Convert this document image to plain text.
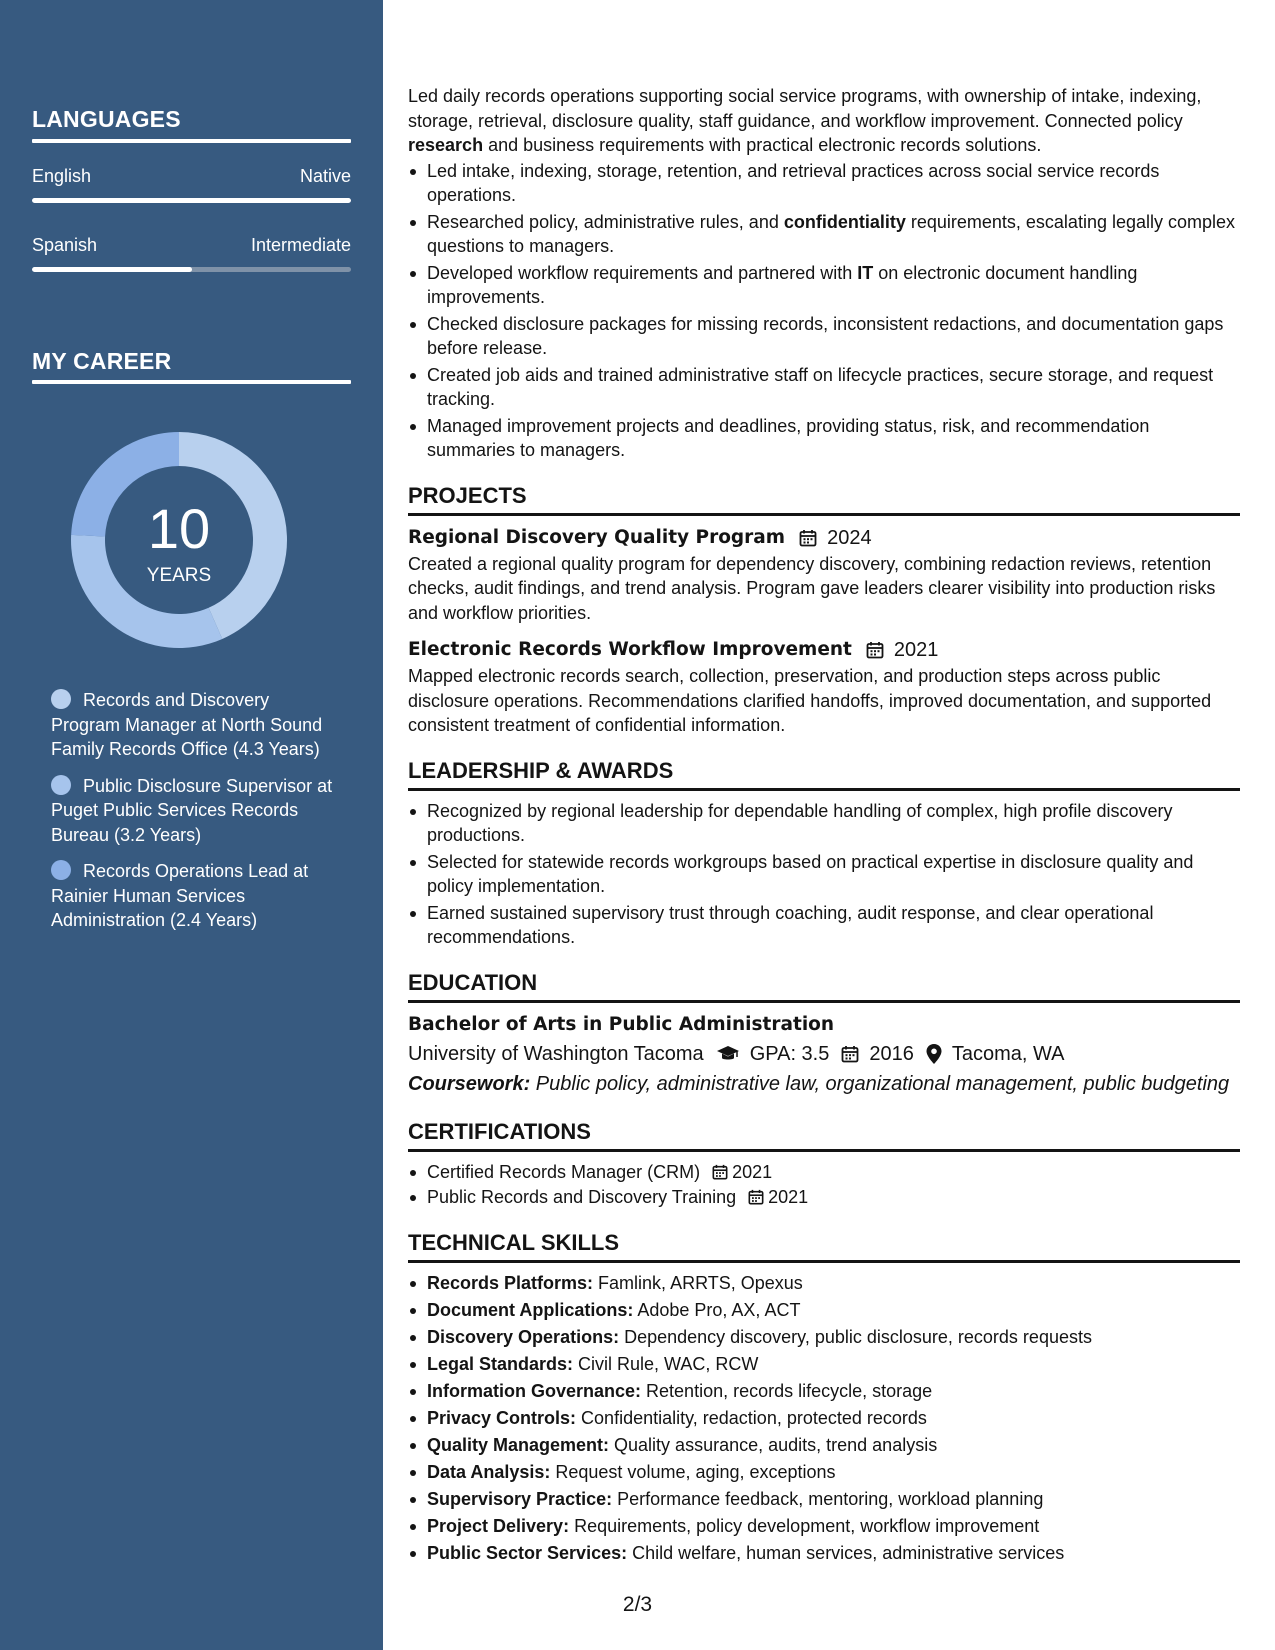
LANGUAGES
English	Native
Spanish	Intermediate
MY CAREER
10
YEARS
Records and Discovery Program Manager at North Sound Family Records Office (4.3 Years)
Public Disclosure Supervisor at Puget Public Services Records Bureau (3.2 Years)
Records Operations Lead at Rainier Human Services Administration (2.4 Years)

Led daily records operations supporting social service programs, with ownership of intake, indexing, storage, retrieval, disclosure quality, staff guidance, and workflow improvement. Connected policy research and business requirements with practical electronic records solutions.

Led intake, indexing, storage, retention, and retrieval practices across social service records operations.
Researched policy, administrative rules, and confidentiality requirements, escalating legally complex questions to managers.
Developed workflow requirements and partnered with IT on electronic document handling improvements.
Checked disclosure packages for missing records, inconsistent redactions, and documentation gaps before release.
Created job aids and trained administrative staff on lifecycle practices, secure storage, and request tracking.
Managed improvement projects and deadlines, providing status, risk, and recommendation summaries to managers.
PROJECTS
Regional Discovery Quality Program 2024

Created a regional quality program for dependency discovery, combining redaction reviews, retention checks, audit findings, and trend analysis. Program gave leaders clearer visibility into production risks and workflow priorities.

Electronic Records Workflow Improvement 2021

Mapped electronic records search, collection, preservation, and production steps across public disclosure operations. Recommendations clarified handoffs, improved documentation, and supported consistent treatment of confidential information.

LEADERSHIP & AWARDS
Recognized by regional leadership for dependable handling of complex, high profile discovery productions.
Selected for statewide records workgroups based on practical expertise in disclosure quality and policy implementation.
Earned sustained supervisory trust through coaching, audit response, and clear operational recommendations.
EDUCATION
Bachelor of Arts in Public Administration
University of Washington Tacoma GPA: 3.5 2016 Tacoma, WA
Coursework: Public policy, administrative law, organizational management, public budgeting
CERTIFICATIONS
Certified Records Manager (CRM) 2021
Public Records and Discovery Training 2021
TECHNICAL SKILLS
Records Platforms: Famlink, ARRTS, Opexus
Document Applications: Adobe Pro, AX, ACT
Discovery Operations: Dependency discovery, public disclosure, records requests
Legal Standards: Civil Rule, WAC, RCW
Information Governance: Retention, records lifecycle, storage
Privacy Controls: Confidentiality, redaction, protected records
Quality Management: Quality assurance, audits, trend analysis
Data Analysis: Request volume, aging, exceptions
Supervisory Practice: Performance feedback, mentoring, workload planning
Project Delivery: Requirements, policy development, workflow improvement
Public Sector Services: Child welfare, human services, administrative services
2/3
